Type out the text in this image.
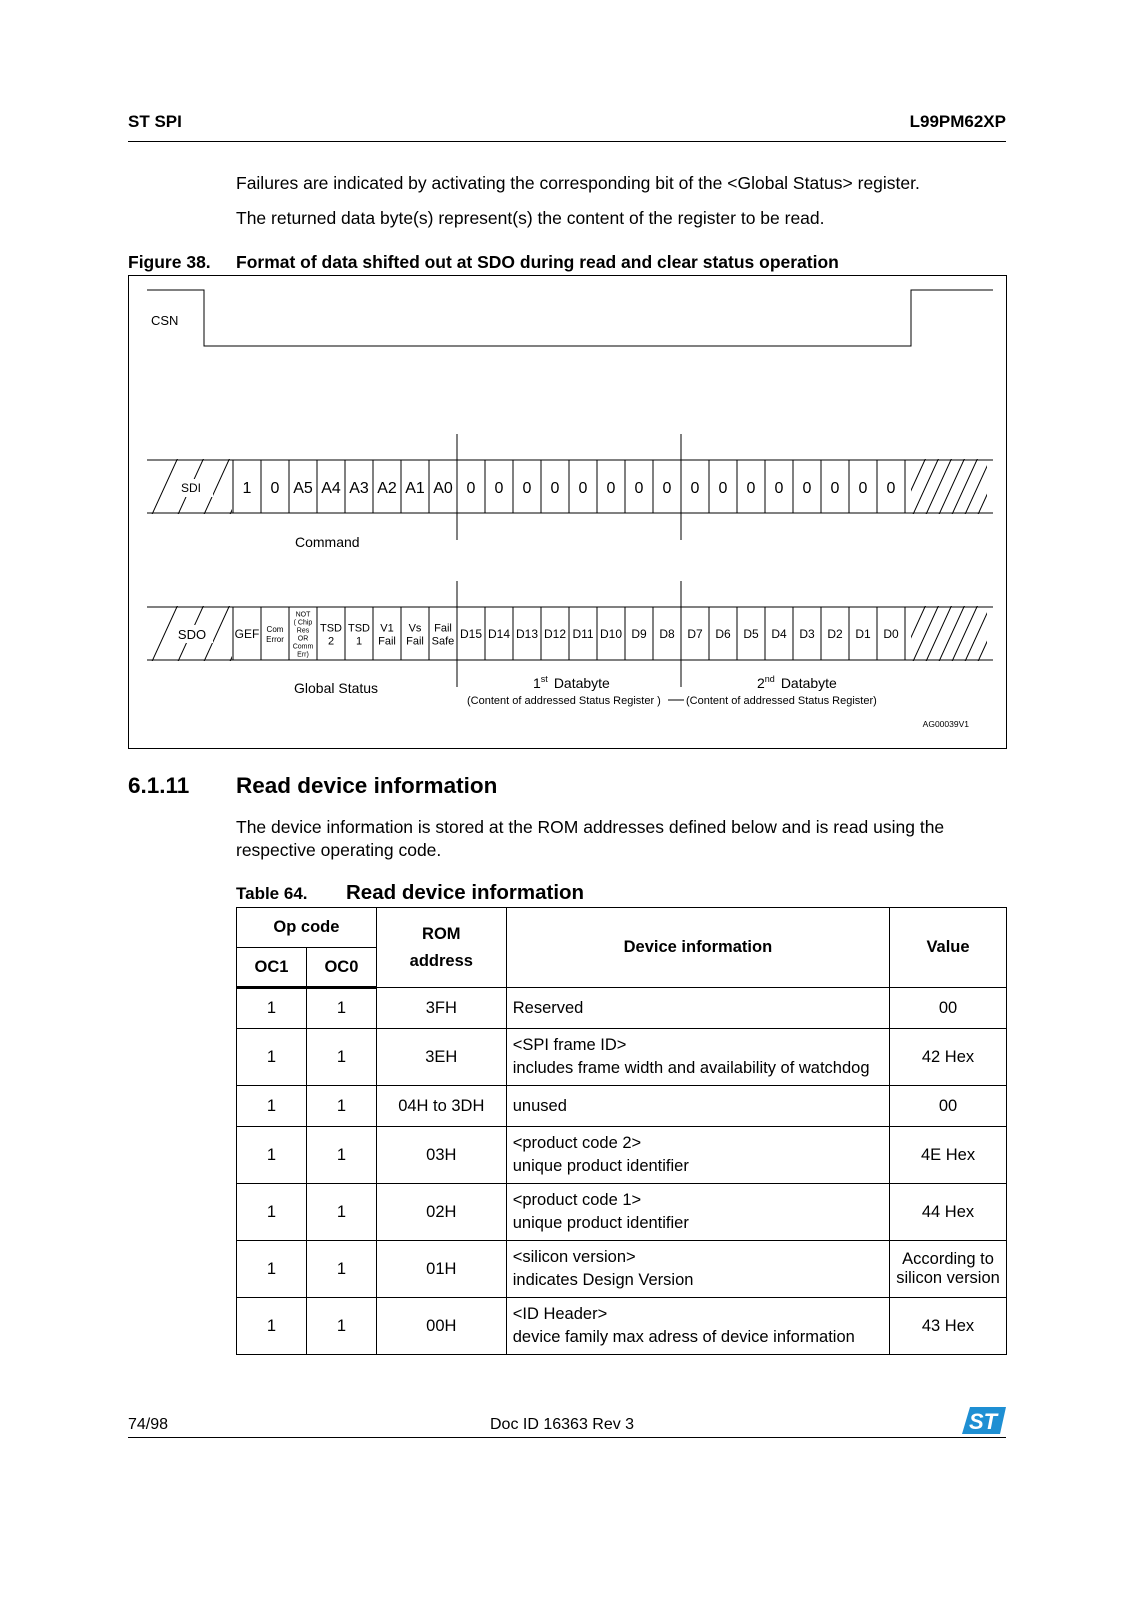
ST SPI	L99PM62XP
Failures are indicated by activating the corresponding bit of the <Global Status> register.
The returned data byte(s) represent(s) the content of the register to be read.
Figure 38. Format of data shifted out at SDO during read and clear status operation
CSN
SDI	1 0 A5 A4 A3 A2 A1 A0 0 0 0 0 0 0 0 0 0 0 0 0 0 0 0 0
Command
SDO GEF Com
Error
NOT
( Chip
Res
OR
Comm
Err)
TSD
2
TSD
1
V1
Fail
Vs
Fail
Fail
Safe
D15 D14 D13 D12 D11 D10 D9 D8 D7 D6 D5 D4 D3 D2 D1 D0
Global Status	1st Databyte	2nd Databyte
(Content of addressed Status Register ) (Content of addressed Status Register)
AG00039V1
6.1.11 Read device information
The device information is stored at the ROM addresses defined below and is read using the respective operating code.
Table 64. Read device information
Op code		ROM
address	Device information	Value
OC1	OC0			
1	1	3FH	Reserved	00

1	1	3EH	<SPI frame ID>
includes frame width and availability of watchdog	42 Hex

1	1	04H to 3DH	unused	00

1	1	03H	<product code 2>
unique product identifier	4E Hex

1	1	02H	<product code 1>
unique product identifier	44 Hex

1	1	01H	<silicon version>
indicates Design Version	According to
silicon version

1	1	00H	<ID Header>
device family max adress of device information	43 Hex
74/98	Doc ID 16363 Rev 3	ST
